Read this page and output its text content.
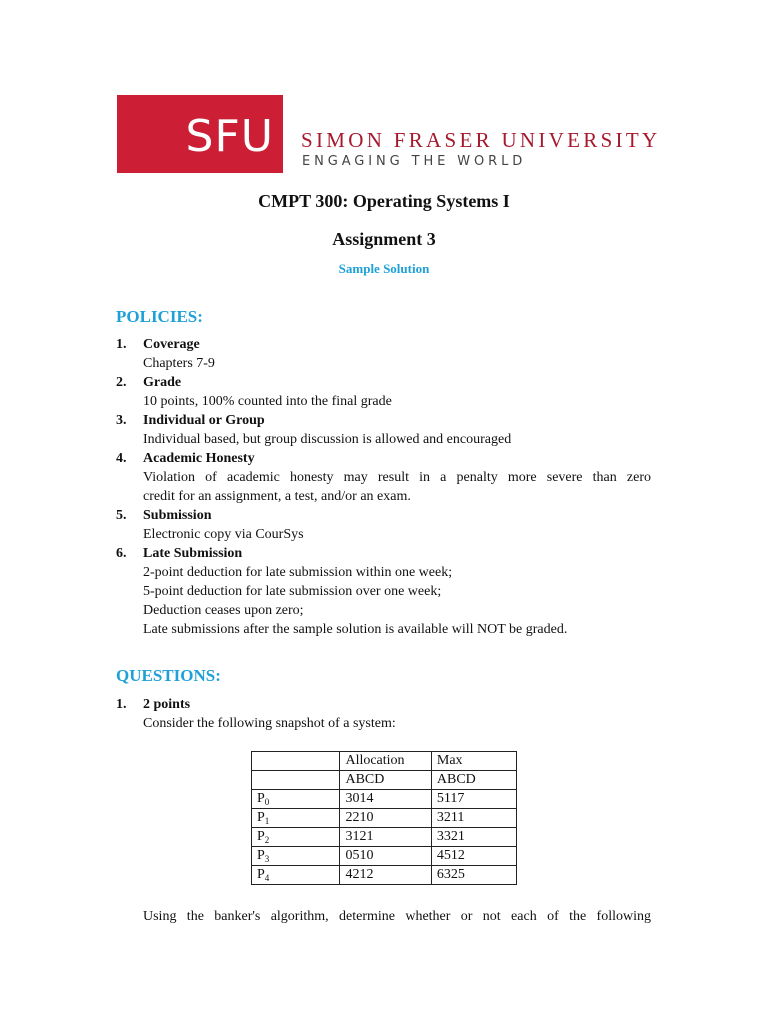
SFU	SIMON FRASER UNIVERSITY
ENGAGING THE WORLD
CMPT 300: Operating Systems I
Assignment 3
Sample Solution
POLICIES:
1. Coverage
Chapters 7-9
2. Grade
10 points, 100% counted into the final grade
3. Individual or Group
Individual based, but group discussion is allowed and encouraged
4. Academic Honesty
Violation of academic honesty may result in a penalty more severe than zero
credit for an assignment, a test, and/or an exam.
5. Submission
Electronic copy via CourSys
6. Late Submission
2-point deduction for late submission within one week;
5-point deduction for late submission over one week;
Deduction ceases upon zero;
Late submissions after the sample solution is available will NOT be graded.
QUESTIONS:
1. 2 points
Consider the following snapshot of a system:
	Allocation	Max
	ABCD	ABCD
$P_0$	3014	5117
$P_1$	2210	3211
$P_2$	3121	3321
$P_3$	0510	4512
$P_4$	4212	6325
Using the banker's algorithm, determine whether or not each of the following
